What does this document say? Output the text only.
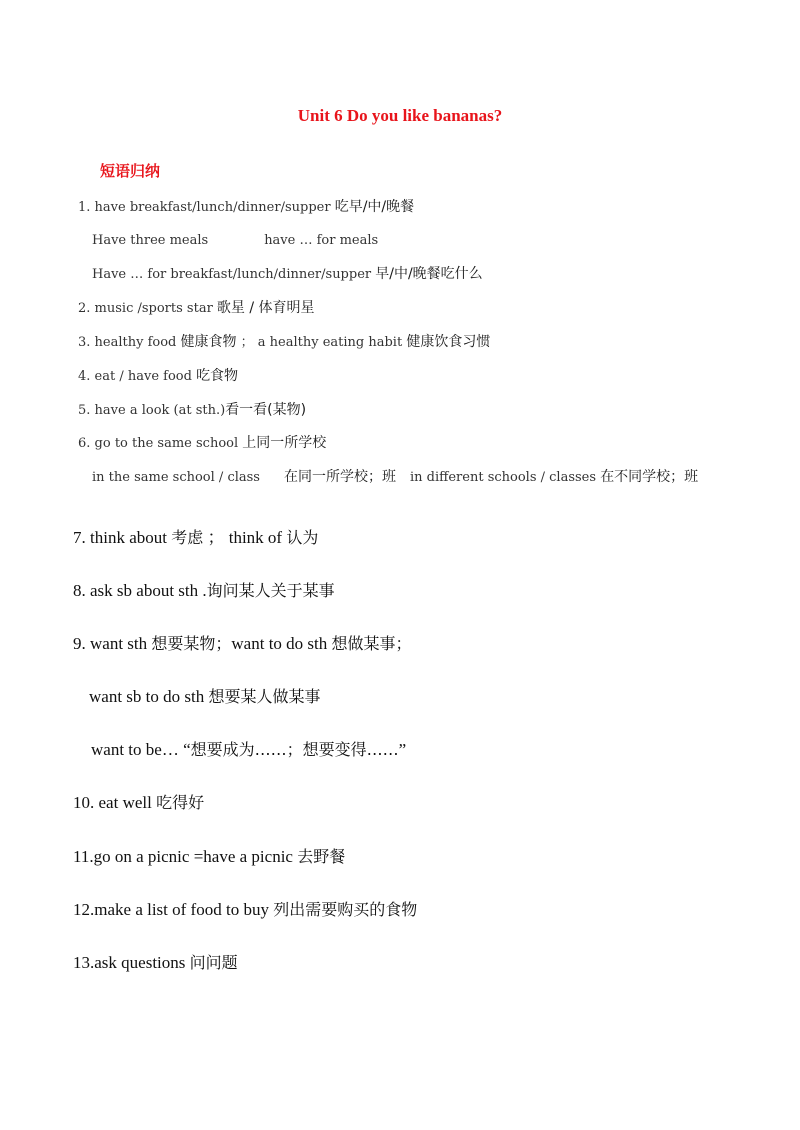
Unit 6 Do you like bananas?
短语归纳
1. have breakfast/lunch/dinner/supper 吃早/中/晚餐
Have three meals	have … for meals
Have … for breakfast/lunch/dinner/supper 早/中/晚餐吃什么
2. music /sports star 歌星 / 体育明星
3. healthy food 健康食物 ； a healthy eating habit 健康饮食习惯
4. eat / have food 吃食物
5. have a look (at sth.)看一看(某物)
6. go to the same school 上同一所学校
in the same school / class 在同一所学校；班 in different schools / classes 在不同学校；班
7. think about 考虑 ； think of 认为
8. ask sb about sth .询问某人关于某事
9. want sth 想要某物；want to do sth 想做某事；
want sb to do sth 想要某人做某事
want to be… “想要成为……；想要变得……”
10. eat well 吃得好
11.go on a picnic =have a picnic 去野餐
12.make a list of food to buy 列出需要购买的食物
13.ask questions 问问题
